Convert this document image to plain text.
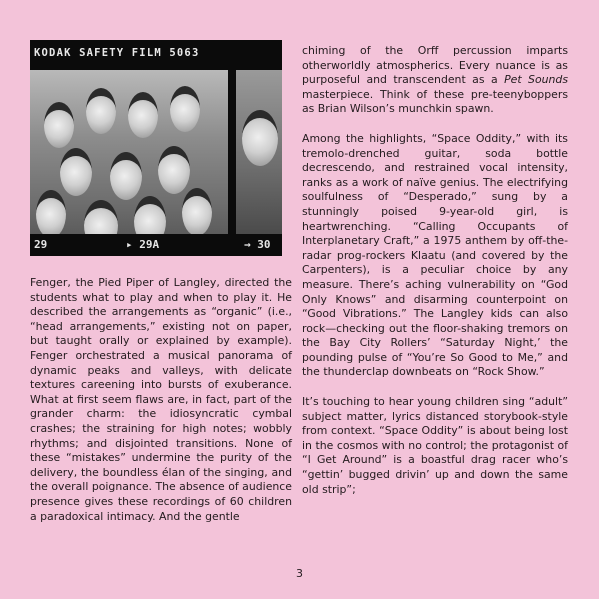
KODAK SAFETY FILM 5063
29	▸ 29A	→ 30

Fenger, the Pied Piper of Langley, directed the students what to play and when to play it. He described the arrangements as “organic” (i.e., “head arrangements,” existing not on paper, but taught orally or explained by example). Fenger orchestrated a musical panorama of dynamic peaks and valleys, with delicate textures careening into bursts of exuberance. What at first seem flaws are, in fact, part of the grander charm: the idiosyncratic cymbal crashes; the straining for high notes; wobbly rhythms; and disjointed transitions. None of these “mistakes” undermine the purity of the delivery, the boundless élan of the singing, and the overall poignance. The absence of audience presence gives these recordings of 60 children a paradoxical intimacy. And the gentle

chiming of the Orff percussion imparts otherworldly atmospherics. Every nuance is as purposeful and transcendent as a Pet Sounds masterpiece. Think of these pre-teenyboppers as Brian Wilson’s munchkin spawn.

Among the highlights, “Space Oddity,” with its tremolo-drenched guitar, soda bottle decrescendo, and restrained vocal intensity, ranks as a work of naïve genius. The electrifying soulfulness of “Desperado,” sung by a stunningly poised 9-year-old girl, is heartwrenching. “Calling Occupants of Interplanetary Craft,” a 1975 anthem by off-the-radar prog-rockers Klaatu (and covered by the Carpenters), is a peculiar choice by any measure. There’s aching vulnerability on “God Only Knows” and disarming counterpoint on “Good Vibrations.” The Langley kids can also rock—checking out the floor-shaking tremors on the Bay City Rollers’ “Saturday Night,’ the pounding pulse of “You’re So Good to Me,” and the thunderclap downbeats on “Rock Show.”

It’s touching to hear young children sing “adult” subject matter, lyrics distanced storybook-style from context. “Space Oddity” is about being lost in the cosmos with no control; the protagonist of “I Get Around” is a boastful drag racer who’s “gettin’ bugged drivin’ up and down the same old strip”;

3
